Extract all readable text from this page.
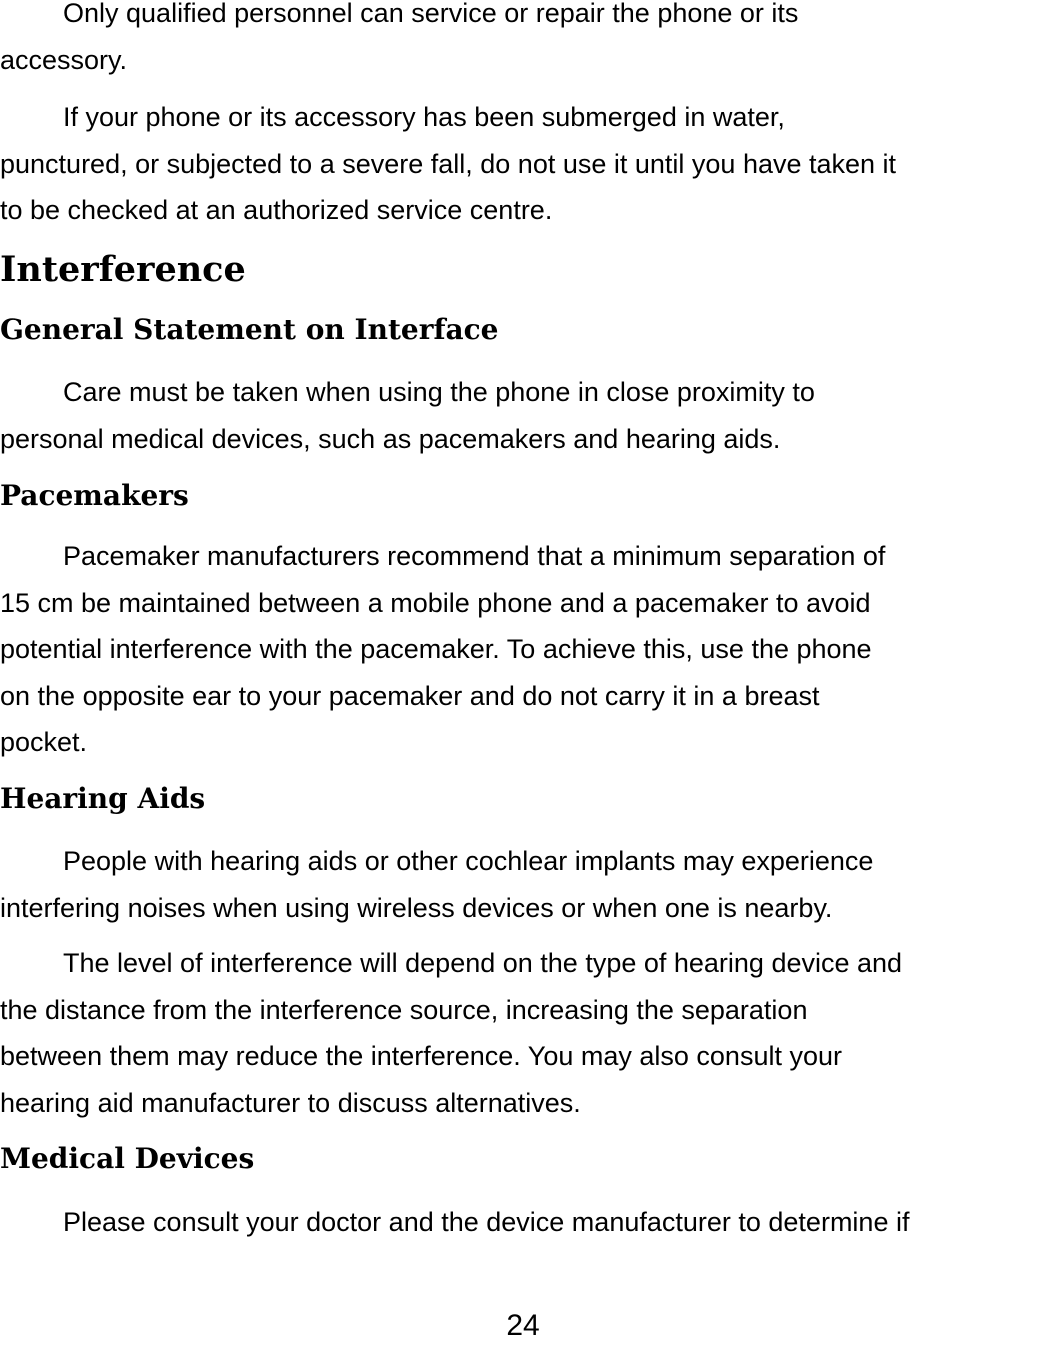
Only qualified personnel can service or repair the phone or its
accessory.

If your phone or its accessory has been submerged in water,
punctured, or subjected to a severe fall, do not use it until you have taken it
to be checked at an authorized service centre.

Interference
General Statement on Interface

Care must be taken when using the phone in close proximity to
personal medical devices, such as pacemakers and hearing aids.

Pacemakers

Pacemaker manufacturers recommend that a minimum separation of
15 cm be maintained between a mobile phone and a pacemaker to avoid
potential interference with the pacemaker. To achieve this, use the phone
on the opposite ear to your pacemaker and do not carry it in a breast
pocket.

Hearing Aids

People with hearing aids or other cochlear implants may experience
interfering noises when using wireless devices or when one is nearby.

The level of interference will depend on the type of hearing device and
the distance from the interference source, increasing the separation
between them may reduce the interference. You may also consult your
hearing aid manufacturer to discuss alternatives.

Medical Devices

Please consult your doctor and the device manufacturer to determine if

24
